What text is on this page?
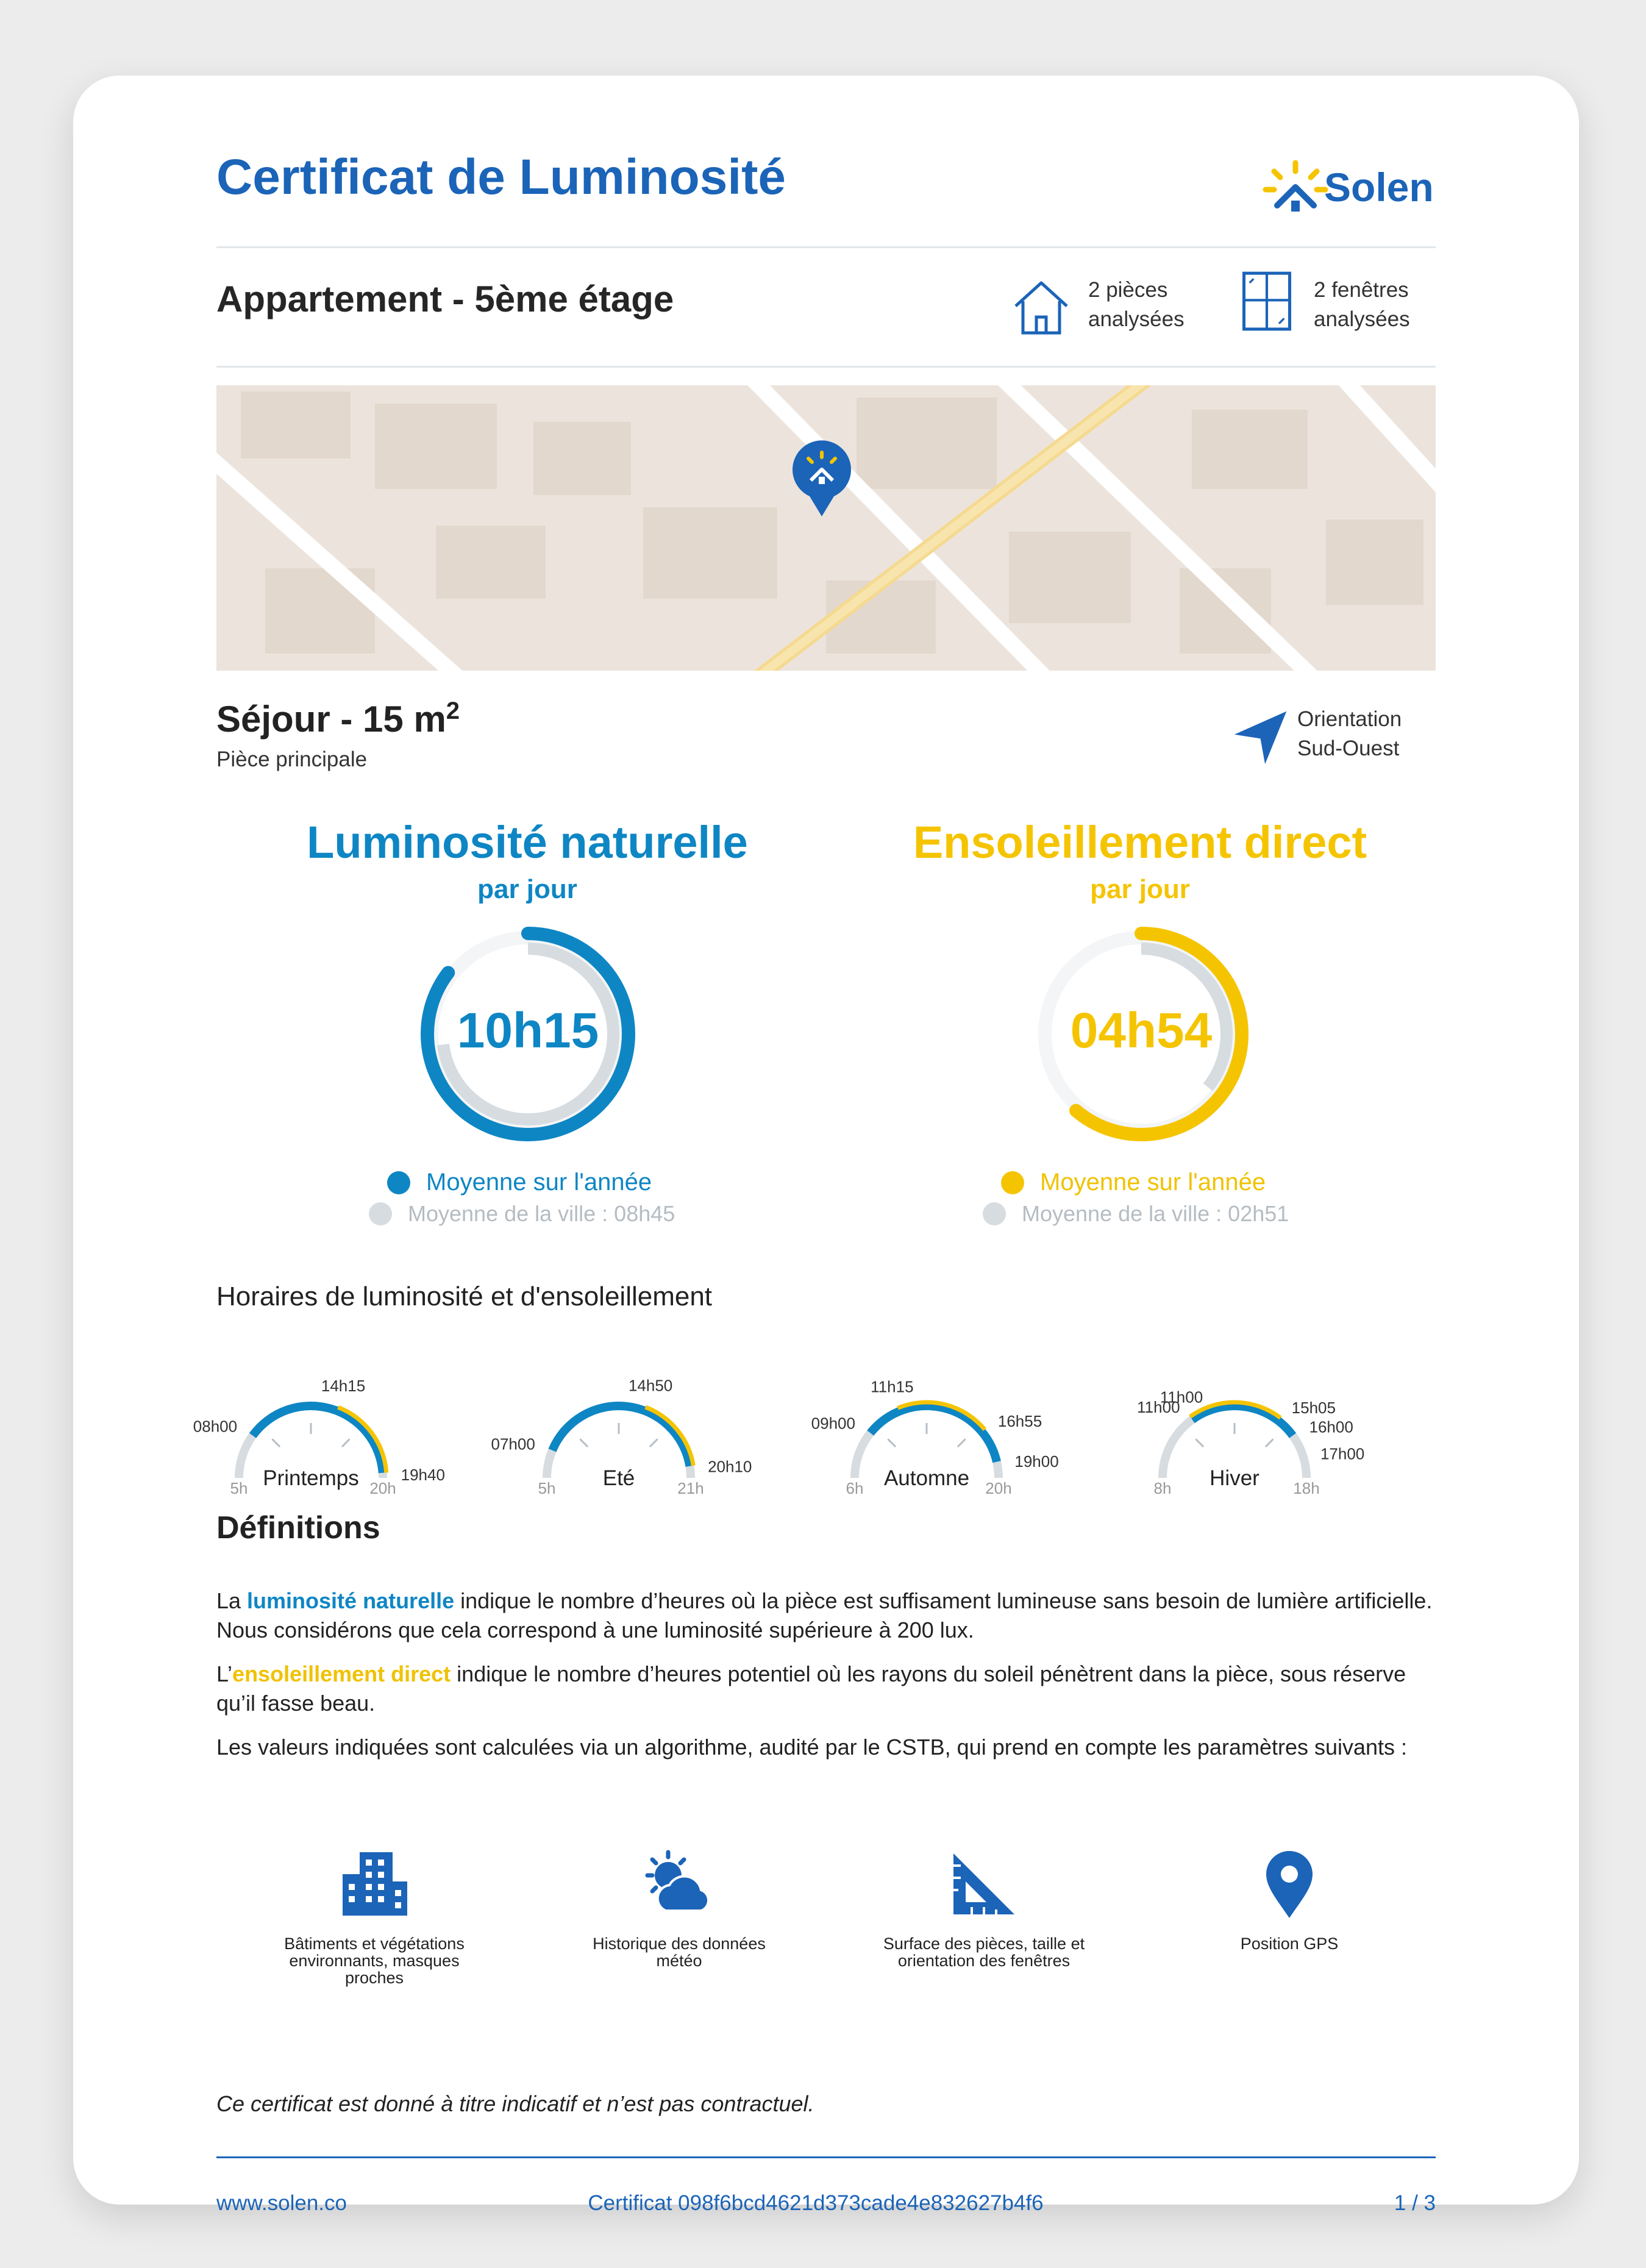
Certificat de Luminosité	Solen
Appartement - 5ème étage	2 pièces
analysées
2 fenêtres
analysées
Séjour - 15 $m^2$
Pièce principale
Orientation
Sud-Ouest
Luminosité naturelle
par jour
10h15
Moyenne sur l'année
Moyenne de la ville : 08h45
Ensoleillement direct
par jour
04h54
Moyenne sur l'année
Moyenne de la ville : 02h51
Horaires de luminosité et d'ensoleillement
Définitions
La luminosité naturelle indique le nombre d’heures où la pièce est suffisament lumineuse sans besoin de lumière artificielle. Nous considérons que cela correspond à une luminosité supérieure à 200 lux.
L’ensoleillement direct indique le nombre d’heures potentiel où les rayons du soleil pénètrent dans la pièce, sous réserve qu’il fasse beau.
Les valeurs indiquées sont calculées via un algorithme, audité par le CSTB, qui prend en compte les paramètres suivants :
Bâtiments et végétations
environnants, masques
proches
Historique des données
météo
Surface des pièces, taille et
orientation des fenêtres
Position GPS
Ce certificat est donné à titre indicatif et n’est pas contractuel.
www.solen.co	Certificat 098f6bcd4621d373cade4e832627b4f6	1 / 3
Printemps
5h	20h
08h00
14h15
19h40	Eté
5h	21h
07h00
14h50
20h10	Automne
6h	20h
09h00
11h15
16h55
19h00
Hiver
8h	18h
11h00
11h00
15h05
16h00
17h00
